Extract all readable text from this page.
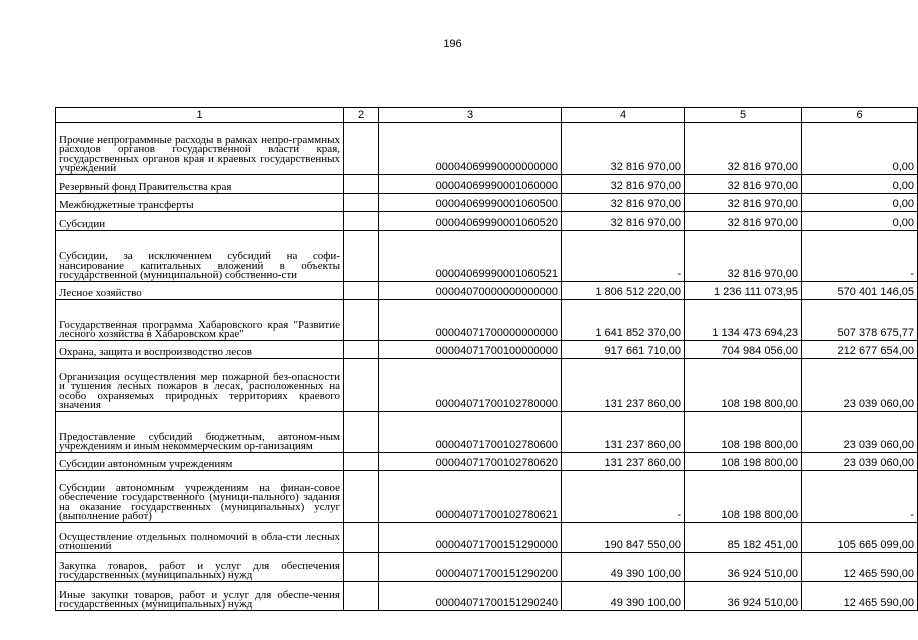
196
1	2	3	4	5	6
Прочие непрограммные расходы в рамках непро-граммных расходов органов государственной власти края, государственных органов края и краевых государственных учреждений		00004069990000000000	32 816 970,00	32 816 970,00	0,00
Резервный фонд Правительства края		00004069990001060000	32 816 970,00	32 816 970,00	0,00
Межбюджетные трансферты		00004069990001060500	32 816 970,00	32 816 970,00	0,00
Субсидии		00004069990001060520	32 816 970,00	32 816 970,00	0,00
Субсидии, за исключением субсидий на софи-нансирование капитальных вложений в объекты государственной (муниципальной) собственно-сти		00004069990001060521	-	32 816 970,00	-
Лесное хозяйство		00004070000000000000	1 806 512 220,00	1 236 111 073,95	570 401 146,05
Государственная программа Хабаровского края "Развитие лесного хозяйства в Хабаровском крае"		00004071700000000000	1 641 852 370,00	1 134 473 694,23	507 378 675,77
Охрана, защита и воспроизводство лесов		00004071700100000000	917 661 710,00	704 984 056,00	212 677 654,00
Организация осуществления мер пожарной без-опасности и тушения лесных пожаров в лесах, расположенных на особо охраняемых природных территориях краевого значения		00004071700102780000	131 237 860,00	108 198 800,00	23 039 060,00
Предоставление субсидий бюджетным, автоном-ным учреждениям и иным некоммерческим ор-ганизациям		00004071700102780600	131 237 860,00	108 198 800,00	23 039 060,00
Субсидии автономным учреждениям		00004071700102780620	131 237 860,00	108 198 800,00	23 039 060,00
Субсидии автономным учреждениям на финан-совое обеспечение государственного (муници-пального) задания на оказание государственных (муниципальных) услуг (выполнение работ)		00004071700102780621	-	108 198 800,00	-
Осуществление отдельных полномочий в обла-сти лесных отношений		00004071700151290000	190 847 550,00	85 182 451,00	105 665 099,00
Закупка товаров, работ и услуг для обеспечения государственных (муниципальных) нужд		00004071700151290200	49 390 100,00	36 924 510,00	12 465 590,00
Иные закупки товаров, работ и услуг для обеспе-чения государственных (муниципальных) нужд		00004071700151290240	49 390 100,00	36 924 510,00	12 465 590,00
